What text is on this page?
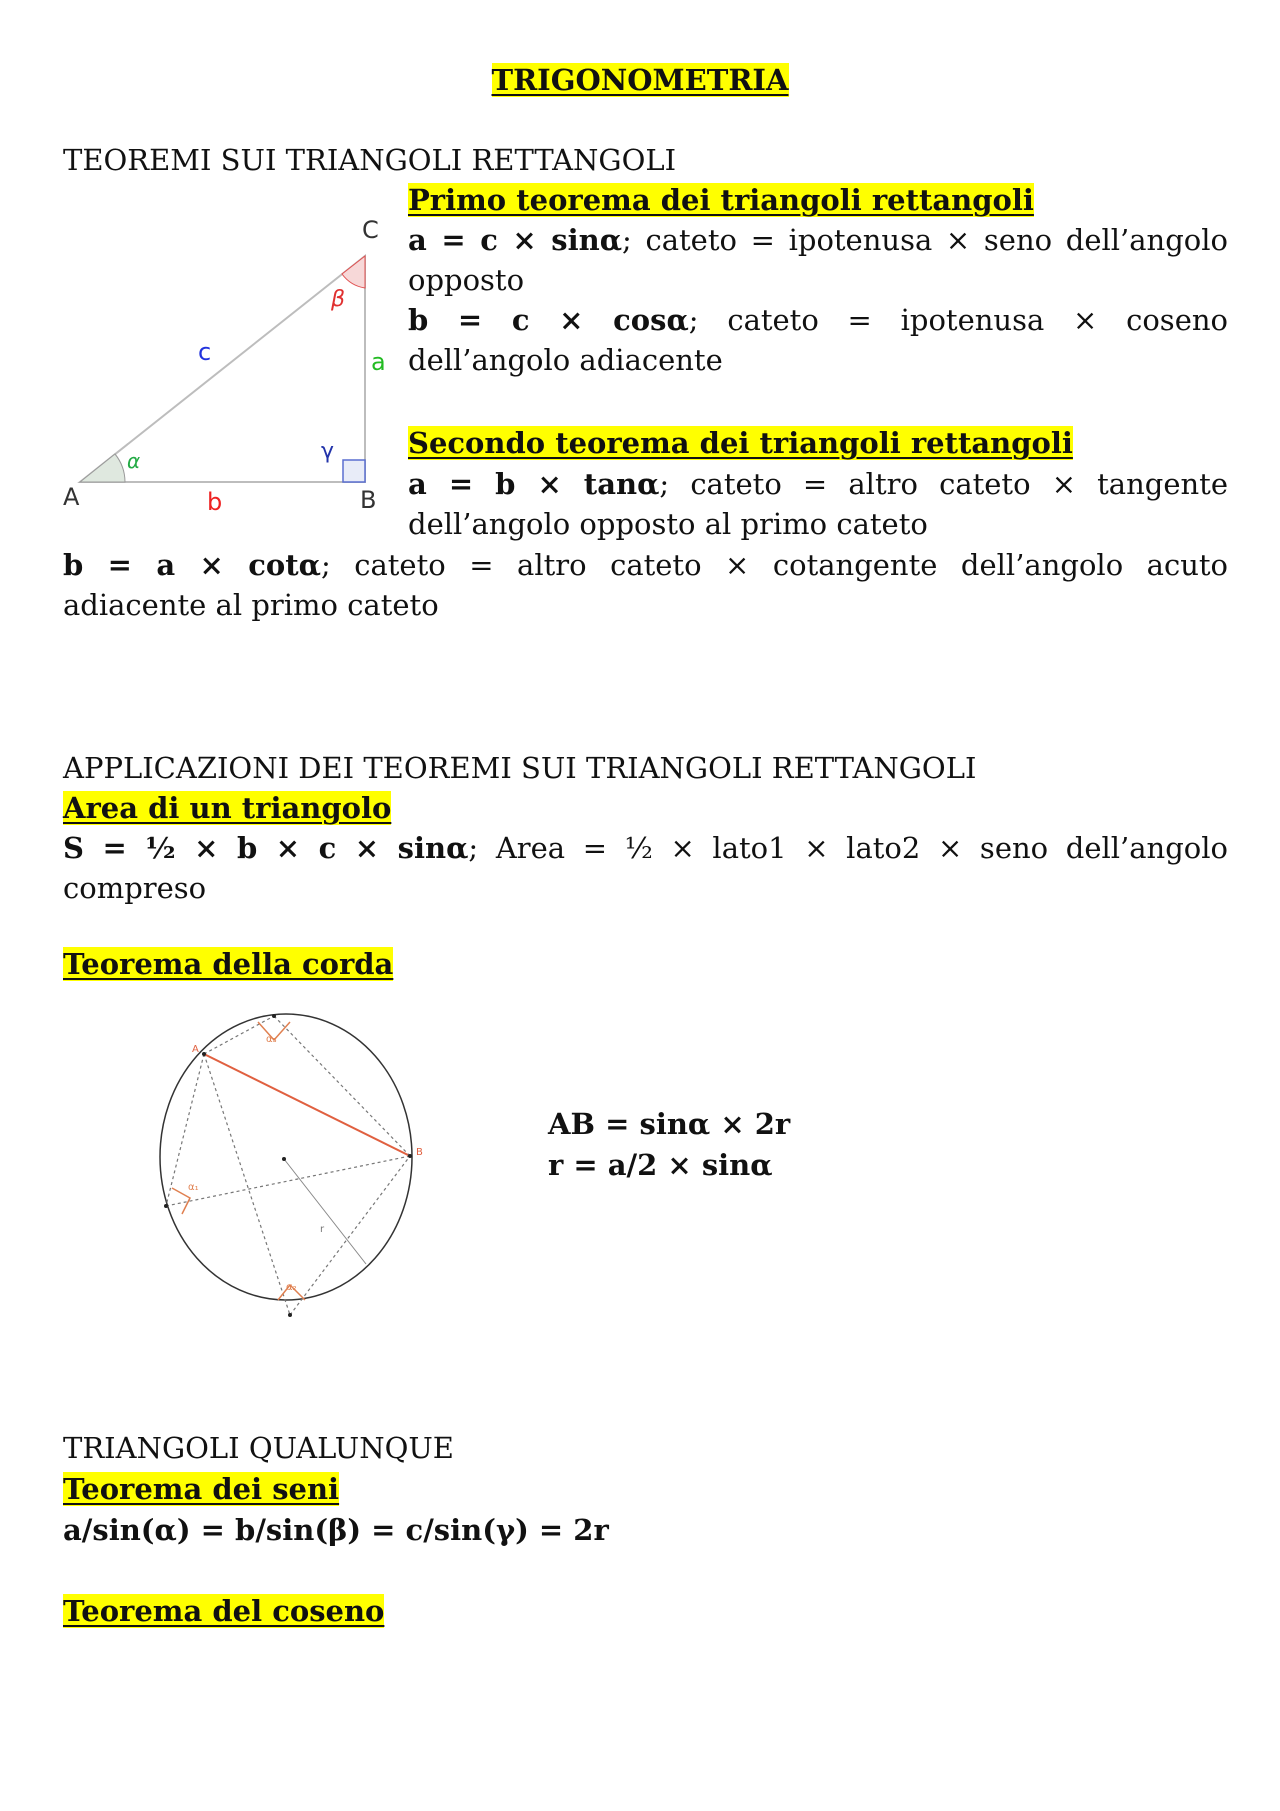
TRIGONOMETRIA
TEOREMI SUI TRIANGOLI RETTANGOLI
A	B
C
a
b
c
α
β
γ
Primo teorema dei triangoli rettangoli
a = c × sinα; cateto = ipotenusa × seno dell’angolo
opposto
b = c × cosα; cateto = ipotenusa × coseno
dell’angolo adiacente
Secondo teorema dei triangoli rettangoli
a = b × tanα; cateto = altro cateto × tangente
dell’angolo opposto al primo cateto
b = a × cotα; cateto = altro cateto × cotangente dell’angolo acuto
adiacente al primo cateto
APPLICAZIONI DEI TEOREMI SUI TRIANGOLI RETTANGOLI
Area di un triangolo
S = ½ × b × c × sinα; Area = ½ × lato1 × lato2 × seno dell’angolo
compreso
Teorema della corda
A
B
r
α₃
α₁
α₂
AB = sinα × 2r
r = a/2 × sinα
TRIANGOLI QUALUNQUE
Teorema dei seni
a/sin(α) = b/sin(β) = c/sin(γ) = 2r
Teorema del coseno
